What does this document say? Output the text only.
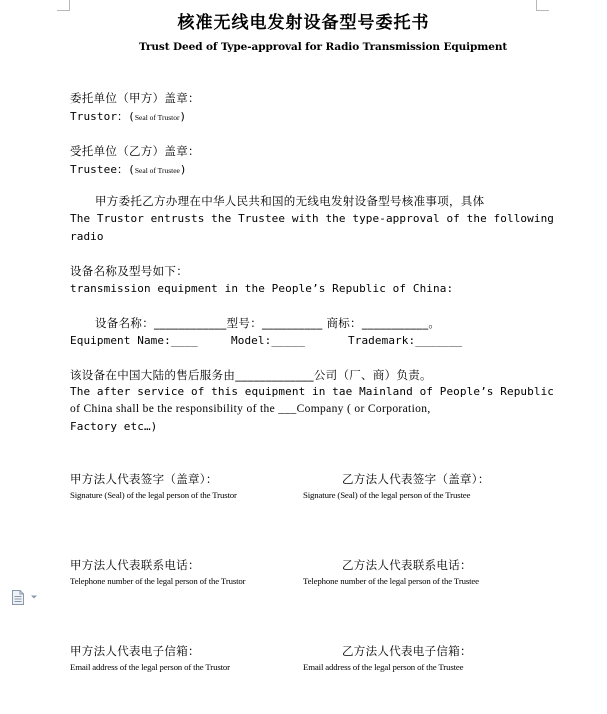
核准无线电发射设备型号委托书
Trust Deed of Type-approval for Radio Transmission Equipment
委托单位（甲方）盖章：
Trustor：(Seal of Trustor)
受托单位（乙方）盖章：
Trustee：(Seal of Trustee)
甲方委托乙方办理在中华人民共和国的无线电发射设备型号核准事项，具体
The Trustor entrusts the Trustee with the type-approval of the following
radio
设备名称及型号如下：
transmission equipment in the People’s Republic of China:
设备名称：____________型号：__________ 商标：___________。
Equipment Name:____	Model:_____	Trademark:_______
该设备在中国大陆的售后服务由_____________公司（厂、商）负责。
The after service of this equipment in tae Mainland of People’s Republic
of China shall be the responsibility of the ___Company ( or Corporation,
Factory etc…)
甲方法人代表签字（盖章）：
Signature (Seal) of the legal person of the Trustor
乙方法人代表签字（盖章）：
Signature (Seal) of the legal person of the Trustee
甲方法人代表联系电话：
Telephone number of the legal person of the Trustor
乙方法人代表联系电话：
Telephone number of the legal person of the Trustee
甲方法人代表电子信箱：
Email address of the legal person of the Trustor
乙方法人代表电子信箱：
Email address of the legal person of the Trustee
